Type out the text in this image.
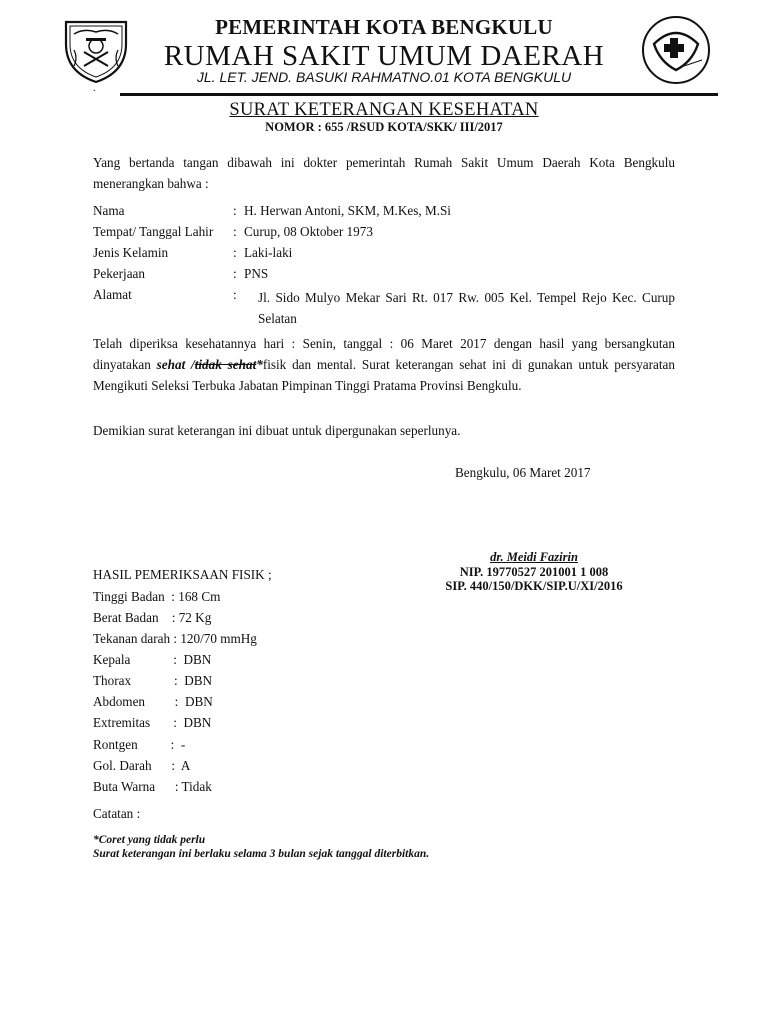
PEMERINTAH KOTA BENGKULU
RUMAH SAKIT UMUM DAERAH
JL. LET. JEND. BASUKI RAHMATNO.01 KOTA BENGKULU
.
SURAT KETERANGAN KESEHATAN
NOMOR : 655 /RSUD KOTA/SKK/ III/2017
Yang bertanda tangan dibawah ini dokter pemerintah Rumah Sakit Umum Daerah Kota Bengkulu menerangkan bahwa :
Nama	: H. Herwan Antoni, SKM, M.Kes, M.Si
Tempat/ Tanggal Lahir : Curup, 08 Oktober 1973
Jenis Kelamin	: Laki-laki
Pekerjaan	: PNS
Alamat	: Jl. Sido Mulyo Mekar Sari Rt. 017 Rw. 005 Kel. Tempel Rejo Kec. Curup Selatan
Telah diperiksa kesehatannya hari : Senin, tanggal : 06 Maret 2017 dengan hasil yang bersangkutan dinyatakan sehat /tidak sehat*fisik dan mental. Surat keterangan sehat ini di gunakan untuk persyaratan Mengikuti Seleksi Terbuka Jabatan Pimpinan Tinggi Pratama Provinsi Bengkulu.
Demikian surat keterangan ini dibuat untuk dipergunakan seperlunya.
Bengkulu, 06 Maret 2017
dr. Meidi Fazirin
NIP. 19770527 201001 1 008
SIP. 440/150/DKK/SIP.U/XI/2016
HASIL PEMERIKSAAN FISIK ;
Tinggi Badan  : 168 Cm
Berat Badan    : 72 Kg
Tekanan darah : 120/70 mmHg
Kepala             :  DBN
Thorax             :  DBN
Abdomen         :  DBN
Extremitas       :  DBN
Rontgen          :  -
Gol. Darah      :  A
Buta Warna      : Tidak
Catatan :
*Coret yang tidak perlu
Surat keterangan ini berlaku selama 3 bulan sejak tanggal diterbitkan.
